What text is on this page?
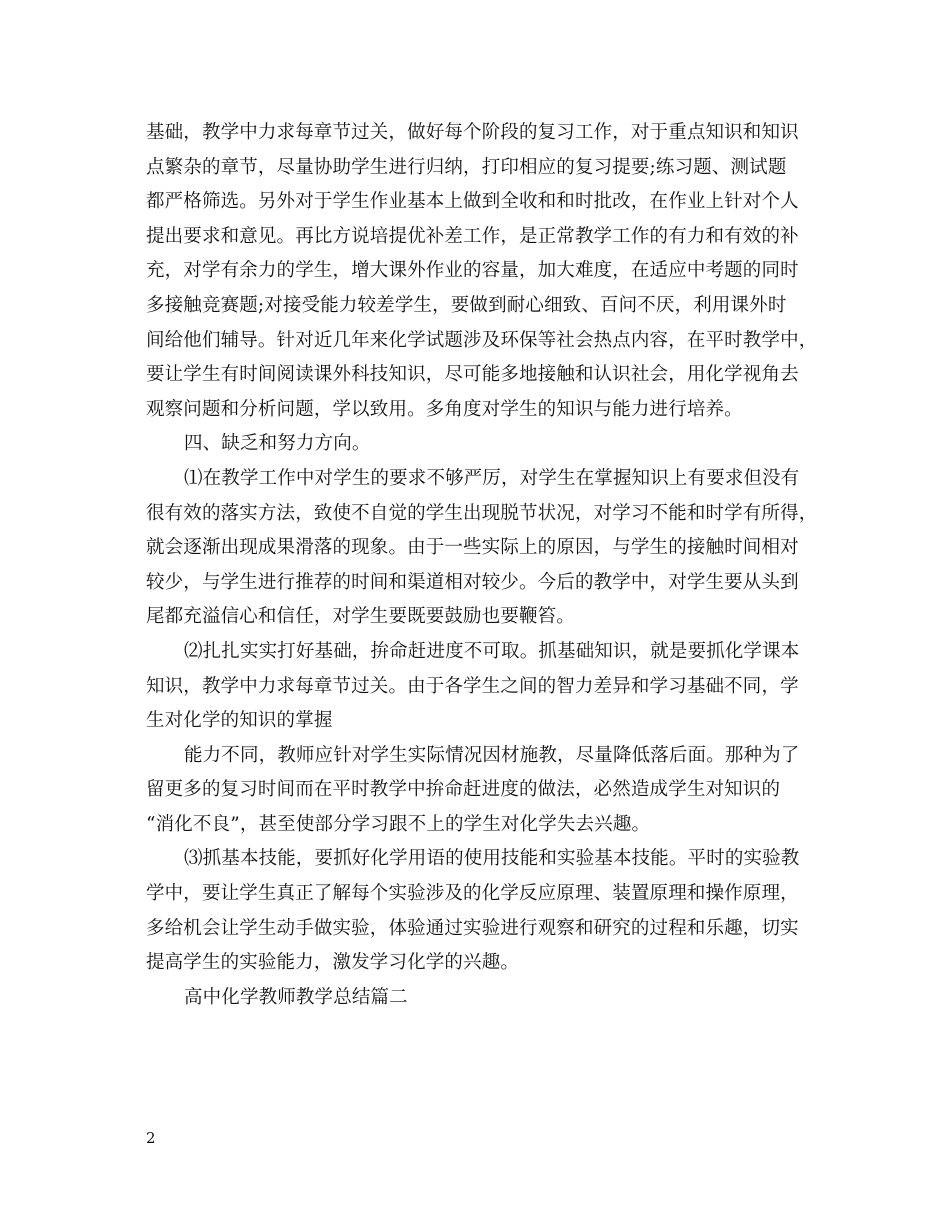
基础，教学中力求每章节过关，做好每个阶段的复习工作，对于重点知识和知识
点繁杂的章节，尽量协助学生进行归纳，打印相应的复习提要;练习题、测试题
都严格筛选。另外对于学生作业基本上做到全收和和时批改，在作业上针对个人
提出要求和意见。再比方说培提优补差工作，是正常教学工作的有力和有效的补
充，对学有余力的学生，增大课外作业的容量，加大难度，在适应中考题的同时
多接触竞赛题;对接受能力较差学生，要做到耐心细致、百问不厌，利用课外时
间给他们辅导。针对近几年来化学试题涉及环保等社会热点内容，在平时教学中，
要让学生有时间阅读课外科技知识，尽可能多地接触和认识社会，用化学视角去
观察问题和分析问题，学以致用。多角度对学生的知识与能力进行培养。
四、缺乏和努力方向。
⑴在教学工作中对学生的要求不够严厉，对学生在掌握知识上有要求但没有
很有效的落实方法，致使不自觉的学生出现脱节状况，对学习不能和时学有所得，
就会逐渐出现成果滑落的现象。由于一些实际上的原因，与学生的接触时间相对
较少，与学生进行推荐的时间和渠道相对较少。今后的教学中，对学生要从头到
尾都充溢信心和信任，对学生要既要鼓励也要鞭笞。
⑵扎扎实实打好基础，拚命赶进度不可取。抓基础知识，就是要抓化学课本
知识，教学中力求每章节过关。由于各学生之间的智力差异和学习基础不同，学
生对化学的知识的掌握
能力不同，教师应针对学生实际情况因材施教，尽量降低落后面。那种为了
留更多的复习时间而在平时教学中拚命赶进度的做法，必然造成学生对知识的
“消化不良”，甚至使部分学习跟不上的学生对化学失去兴趣。
⑶抓基本技能，要抓好化学用语的使用技能和实验基本技能。平时的实验教
学中，要让学生真正了解每个实验涉及的化学反应原理、装置原理和操作原理，
多给机会让学生动手做实验，体验通过实验进行观察和研究的过程和乐趣，切实
提高学生的实验能力，激发学习化学的兴趣。
高中化学教师教学总结篇二
2
